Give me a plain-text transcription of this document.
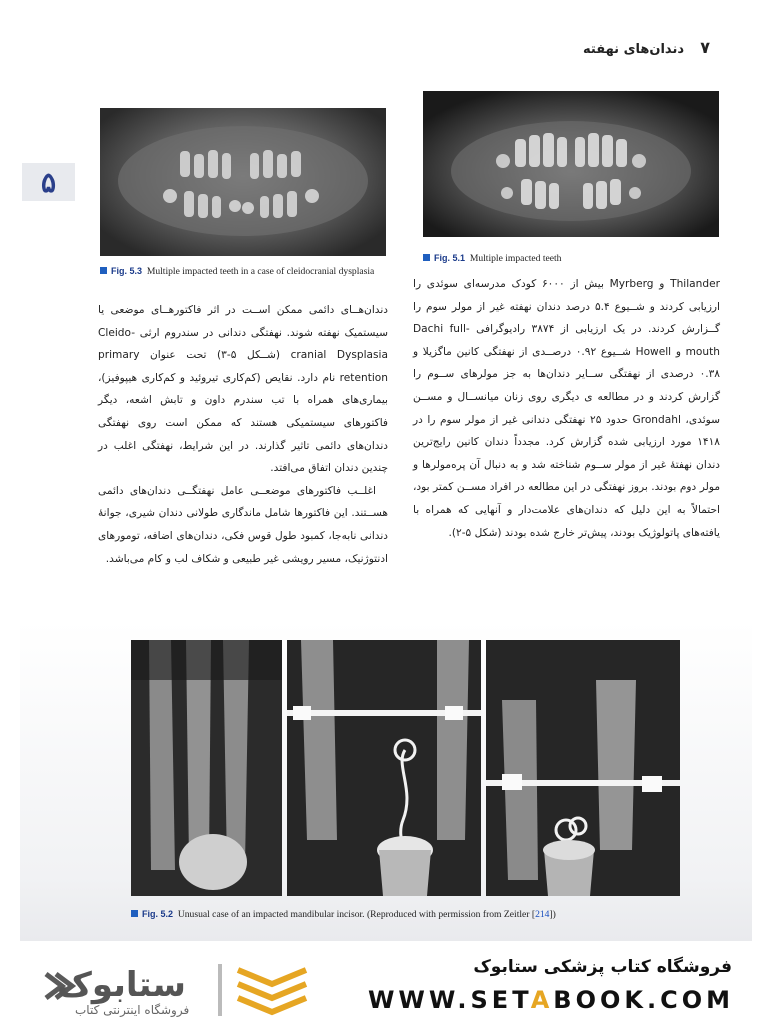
۷
دندان‌های نهفته
۵
Fig. 5.3 Multiple impacted teeth in a case of cleidocranial dysplasia
Fig. 5.1 Multiple impacted teeth

دندان‌هــای دائمی ممکن اســت در اثر فاکتورهــای موضعی یا سیستمیک نهفته شوند. نهفتگی دندانی در سندروم ارثی Cleido-cranial Dysplasia (شــکل ۵-۳) تحت عنوان primary retention نام دارد. نقایص (کم‌کاری تیروئید و کم‌کاری هیپوفیز)، بیماری‌های همراه با تب سندرم داون و تابش اشعه، دیگر فاکتورهای سیستمیکی هستند که ممکن است روی نهفتگی دندان‌های دائمی تاثیر گذارند. در این شرایط، نهفتگی اغلب در چندین دندان اتفاق می‌افتد.

اغلــب فاکتورهای موضعــی عامل نهفتگــی دندان‌های دائمی هســتند. این فاکتورها شامل ماندگاری طولانی دندان شیری، جوانهٔ دندانی نابه‌جا، کمبود طول قوس فکی، دندان‌های اضافه، تومورهای ادنتوژنیک، مسیر رویشی غیر طبیعی و شکاف لب و کام می‌باشد.

Thilander و Myrberg بیش از ۶۰۰۰ کودک مدرسه‌ای سوئدی را ارزیابی کردند و شــیوع ۵.۴ درصد دندان نهفته غیر از مولر سوم را گــزارش کردند. در یک ارزیابی از ۳۸۷۴ رادیوگرافی Dachi full-mouth و Howell شــیوع ۰.۹۲ درصــدی از نهفتگی کانین ماگزیلا و ۰.۳۸ درصدی از نهفتگی ســایر دندان‌ها به جز مولرهای ســوم را گزارش کردند و در مطالعه ی دیگری روی زنان میانســال و مســن سوئدی، Grondahl حدود ۲۵ نهفتگی دندانی غیر از مولر سوم را در ۱۴۱۸ مورد ارزیابی شده گزارش کرد. مجدداً دندان کانین رایج‌ترین دندان نهفتهٔ غیر از مولر ســوم شناخته شد و به دنبال آن پره‌مولرها و مولر دوم بودند. بروز نهفتگی در این مطالعه در افراد مســن کمتر بود، احتمالاً به این دلیل که دندان‌های علامت‌دار و آنهایی که همراه با یافته‌های پاتولوژیک بودند، پیش‌تر خارج شده بودند (شکل ۵-۲).

Fig. 5.2 Unusual case of an impacted mandibular incisor. (Reproduced with permission from Zeitler [214])
ستابوک
فروشگاه اینترنتی کتاب
فروشگاه کتاب پزشکی ستابوک
WWW.SETABOOK.COM
